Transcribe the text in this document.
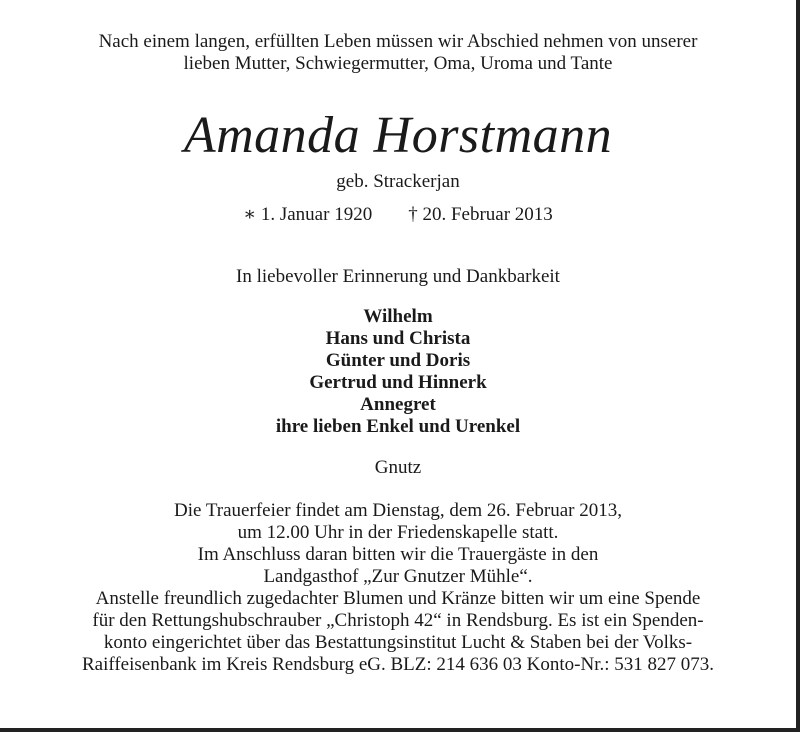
Nach einem langen, erfüllten Leben müssen wir Abschied nehmen von unserer
lieben Mutter, Schwiegermutter, Oma, Uroma und Tante
Amanda Horstmann
geb. Strackerjan
∗ 1. Januar 1920 † 20. Februar 2013
In liebevoller Erinnerung und Dankbarkeit
Wilhelm
Hans und Christa
Günter und Doris
Gertrud und Hinnerk
Annegret
ihre lieben Enkel und Urenkel
Gnutz
Die Trauerfeier findet am Dienstag, dem 26. Februar 2013,
um 12.00 Uhr in der Friedenskapelle statt.
Im Anschluss daran bitten wir die Trauergäste in den
Landgasthof „Zur Gnutzer Mühle“.
Anstelle freundlich zugedachter Blumen und Kränze bitten wir um eine Spende
für den Rettungshubschrauber „Christoph 42“ in Rendsburg. Es ist ein Spenden-
konto eingerichtet über das Bestattungsinstitut Lucht & Staben bei der Volks-
Raiffeisenbank im Kreis Rendsburg eG. BLZ: 214 636 03 Konto-Nr.: 531 827 073.
